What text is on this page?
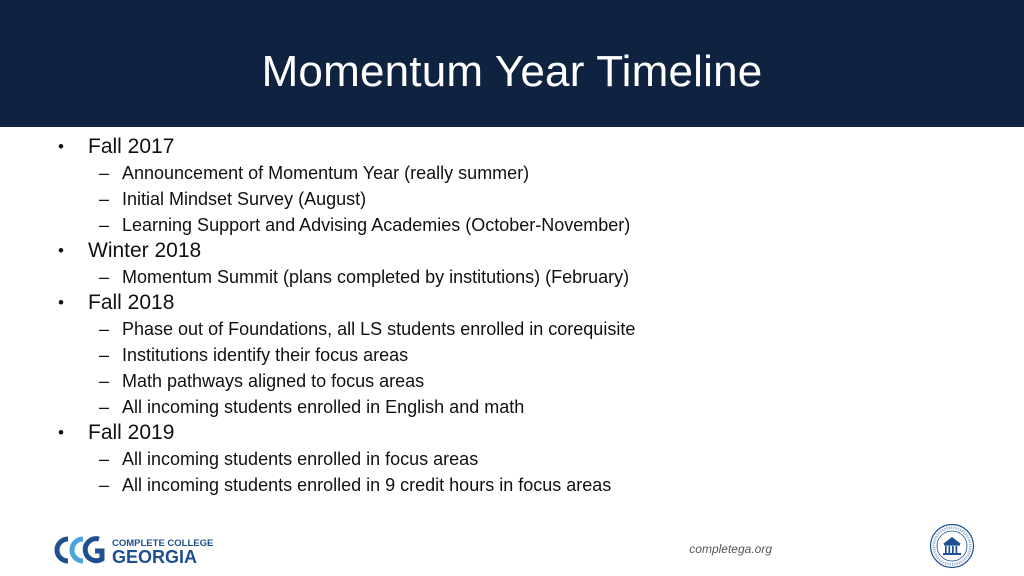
Momentum Year Timeline
• Fall 2017
– Announcement of Momentum Year (really summer)
– Initial Mindset Survey (August)
– Learning Support and Advising Academies (October-November)
• Winter 2018
– Momentum Summit (plans completed by institutions) (February)
• Fall 2018
– Phase out of Foundations, all LS students enrolled in corequisite
– Institutions identify their focus areas
– Math pathways aligned to focus areas
– All incoming students enrolled in English and math
• Fall 2019
– All incoming students enrolled in focus areas
– All incoming students enrolled in 9 credit hours in focus areas
COMPLETE COLLEGE
GEORGIA	completega.org
